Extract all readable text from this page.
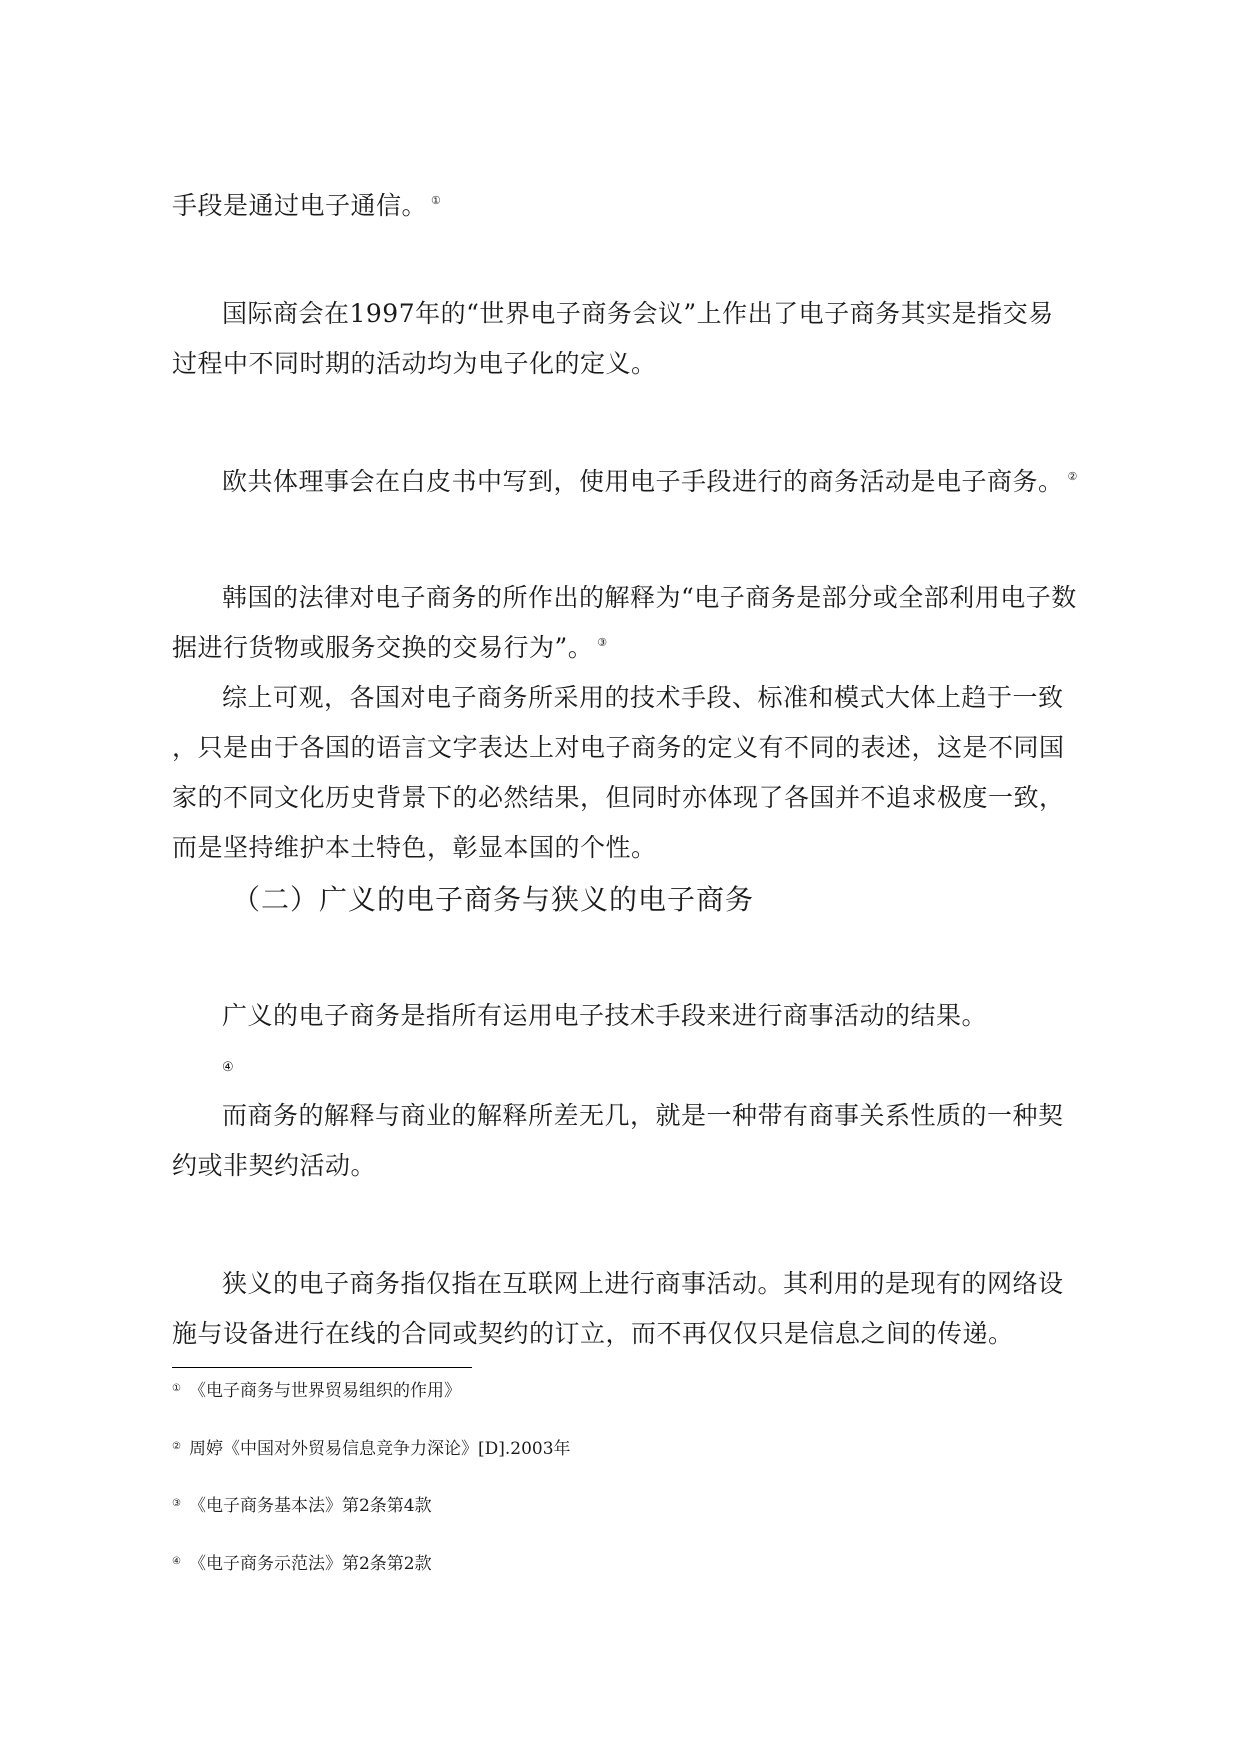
手段是通过电子通信。 ①
国际商会在1997年的“世界电子商务会议”上作出了电子商务其实是指交易
过程中不同时期的活动均为电子化的定义。
欧共体理事会在白皮书中写到，使用电子手段进行的商务活动是电子商务。 ②
韩国的法律对电子商务的所作出的解释为“电子商务是部分或全部利用电子数
据进行货物或服务交换的交易行为”。 ③
综上可观，各国对电子商务所采用的技术手段、标准和模式大体上趋于一致
，只是由于各国的语言文字表达上对电子商务的定义有不同的表述，这是不同国
家的不同文化历史背景下的必然结果，但同时亦体现了各国并不追求极度一致，
而是坚持维护本土特色，彰显本国的个性。
（二）广义的电子商务与狭义的电子商务
广义的电子商务是指所有运用电子技术手段来进行商事活动的结果。
④
而商务的解释与商业的解释所差无几，就是一种带有商事关系性质的一种契
约或非契约活动。
狭义的电子商务指仅指在互联网上进行商事活动。其利用的是现有的网络设
施与设备进行在线的合同或契约的订立，而不再仅仅只是信息之间的传递。
① 《电子商务与世界贸易组织的作用》
② 周婷《中国对外贸易信息竞争力深论》[D].2003年
③ 《电子商务基本法》第2条第4款
④ 《电子商务示范法》第2条第2款
